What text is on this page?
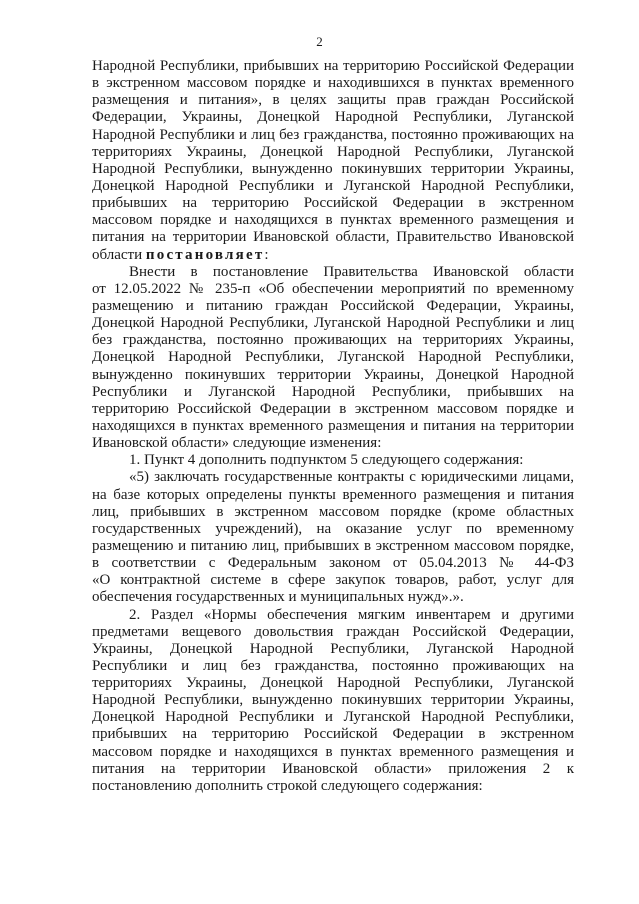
2
Народной Республики, прибывших на территорию Российской Федерации
в экстренном массовом порядке и находившихся в пунктах временного
размещения и питания», в целях защиты прав граждан Российской
Федерации, Украины, Донецкой Народной Республики, Луганской
Народной Республики и лиц без гражданства, постоянно проживающих на
территориях Украины, Донецкой Народной Республики, Луганской
Народной Республики, вынужденно покинувших территории Украины,
Донецкой Народной Республики и Луганской Народной Республики,
прибывших на территорию Российской Федерации в экстренном
массовом порядке и находящихся в пунктах временного размещения и
питания на территории Ивановской области, Правительство Ивановской
области постановляет:
Внести в постановление Правительства Ивановской области
от 12.05.2022 № 235-п «Об обеспечении мероприятий по временному
размещению и питанию граждан Российской Федерации, Украины,
Донецкой Народной Республики, Луганской Народной Республики и лиц
без гражданства, постоянно проживающих на территориях Украины,
Донецкой Народной Республики, Луганской Народной Республики,
вынужденно покинувших территории Украины, Донецкой Народной
Республики и Луганской Народной Республики, прибывших на
территорию Российской Федерации в экстренном массовом порядке и
находящихся в пунктах временного размещения и питания на территории
Ивановской области» следующие изменения:
1. Пункт 4 дополнить подпунктом 5 следующего содержания:
«5) заключать государственные контракты с юридическими лицами,
на базе которых определены пункты временного размещения и питания
лиц, прибывших в экстренном массовом порядке (кроме областных
государственных учреждений), на оказание услуг по временному
размещению и питанию лиц, прибывших в экстренном массовом порядке,
в соответствии с Федеральным законом от 05.04.2013 № 44-ФЗ
«О контрактной системе в сфере закупок товаров, работ, услуг для
обеспечения государственных и муниципальных нужд».».
2. Раздел «Нормы обеспечения мягким инвентарем и другими
предметами вещевого довольствия граждан Российской Федерации,
Украины, Донецкой Народной Республики, Луганской Народной
Республики и лиц без гражданства, постоянно проживающих на
территориях Украины, Донецкой Народной Республики, Луганской
Народной Республики, вынужденно покинувших территории Украины,
Донецкой Народной Республики и Луганской Народной Республики,
прибывших на территорию Российской Федерации в экстренном
массовом порядке и находящихся в пунктах временного размещения и
питания на территории Ивановской области» приложения 2 к
постановлению дополнить строкой следующего содержания:
